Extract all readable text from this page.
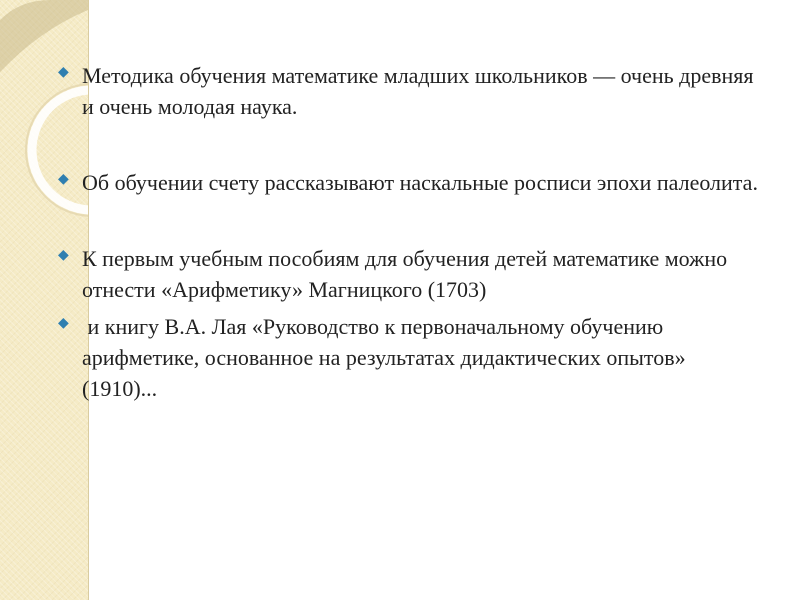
◆ Методика обучения математике младших школьников — очень древняя и очень молодая наука.
◆ Об обучении счету рассказывают наскальные росписи эпохи палеолита.
◆ К первым учебным пособиям для обучения детей математике можно отнести «Арифметику» Магницкого (1703)
◆ и книгу В.А. Лая «Руководство к первоначальному обучению арифметике, основанное на результатах дидактических опытов» (1910)...
